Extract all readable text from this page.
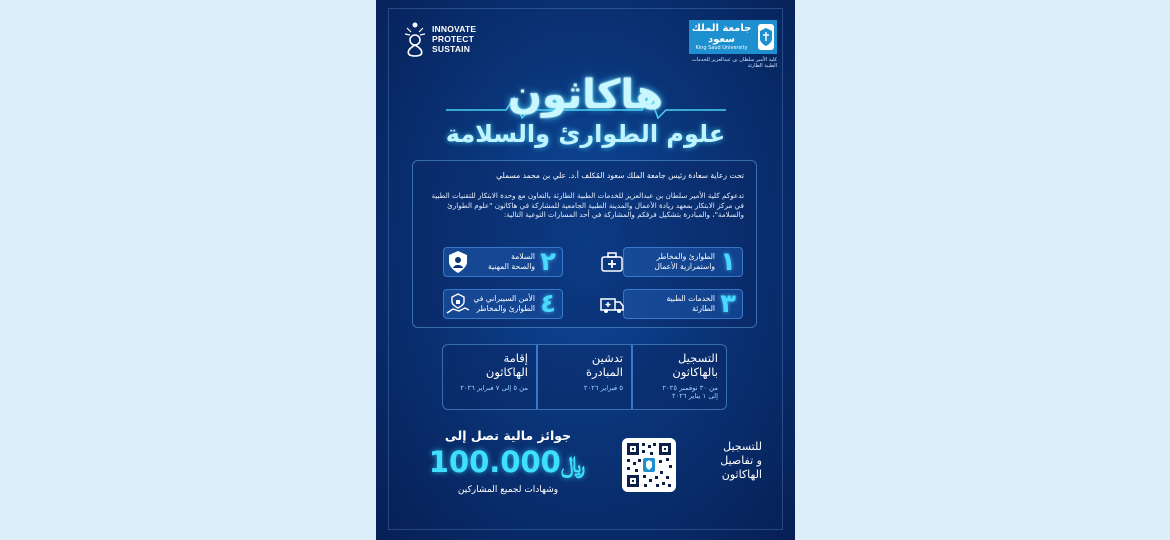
INNOVATE
PROTECT
SUSTAIN
جامعة الملك سعود
King Saud University
كلية الأمير سلطان بن عبدالعزيز للخدمات الطبية الطارئة
هاكاثون
علوم الطوارئ والسلامة
تحت رعاية سعادة رئيس جامعة الملك سعود المُكلف أ.د. علي بن محمد مسملي
تدعوكم كلية الأمير سلطان بن عبدالعزيز للخدمات الطبية الطارئة بالتعاون مع وحدة الابتكار للتقنيات الطبية في مركز الابتكار بمعهد ريادة الأعمال والمدينة الطبية الجامعية للمشاركة في هاكاثون "علوم الطوارئ والسلامة"، والمبادرة بتشكيل فرقكم والمشاركة في أحد المسارات التوعية التالية:
١
الطوارئ والمخاطر
واستمرارية الأعمال
٢
السلامة
والصحة المهنية
٣
الخدمات الطبية
الطارئة
٤
الأمن السيبراني في
الطوارئ والمخاطر
التسجيل
بالهاكاثون
من ٣٠ نوفمبر ٢٠٢٥
إلى ١ يناير ٢٠٢٦
تدشين
المبادرة
٥ فبراير ٢٠٢٦
إقامة
الهاكاثون
من ٥ إلى ٧ فبراير ٢٠٢٦
جوائز مالية تصل إلى
﷼100.000
وشهادات لجميع المشاركين
للتسجيل
و تفاصيل
الهاكاثون
